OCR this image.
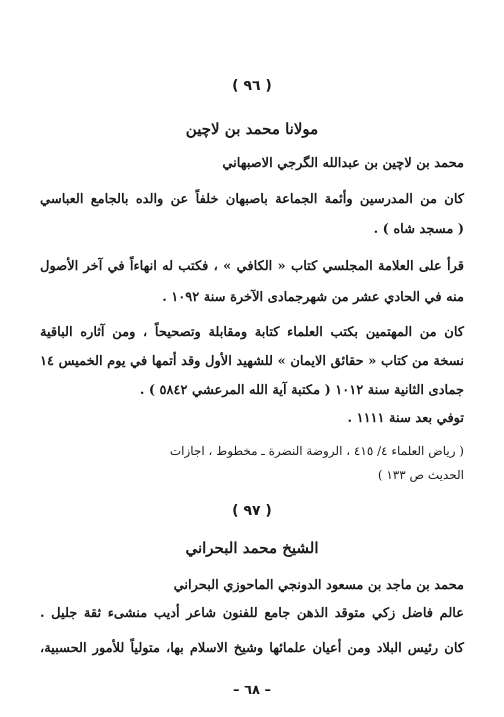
( ٩٦ )
مولانا محمد بن لاچين
محمد بن لاچين بن عبدالله الگرجي الاصبهاني
كان من المدرسين وأئمة الجماعة باصبهان خلفاً عن والده بالجامع العباسي
( مسجد شاه ) .
قرأ على العلامة المجلسي كتاب « الكافي » ، فكتب له انهاءاً في آخر الأصول
منه في الحادي عشر من شهرجمادى الآخرة سنة ١٠٩٢ .
كان من المهتمين بكتب العلماء كتابة ومقابلة وتصحيحاً ، ومن آثاره الباقية
نسخة من كتاب « حقائق الايمان » للشهيد الأول وقد أتمها في يوم الخميس ١٤
جمادى الثانية سنة ١٠١٢ ( مكتبة آية الله المرعشي ٥٨٤٢ ) .
توفي بعد سنة ١١١١ .
( رياض العلماء ٤/ ٤١٥ ، الروضة النضرة ـ مخطوط ، اجازات
الحديث ص ١٣٣ )
( ٩٧ )
الشيخ محمد البحراني
محمد بن ماجد بن مسعود الدونجي الماحوزي البحراني
عالم فاضل زكي متوقد الذهن جامع للفنون شاعر أديب منشىء ثقة جليل .
كان رئيس البلاد ومن أعيان علمائها وشيخ الاسلام بها، متولياً للأمور الحسبية،
– ٦٨ –
